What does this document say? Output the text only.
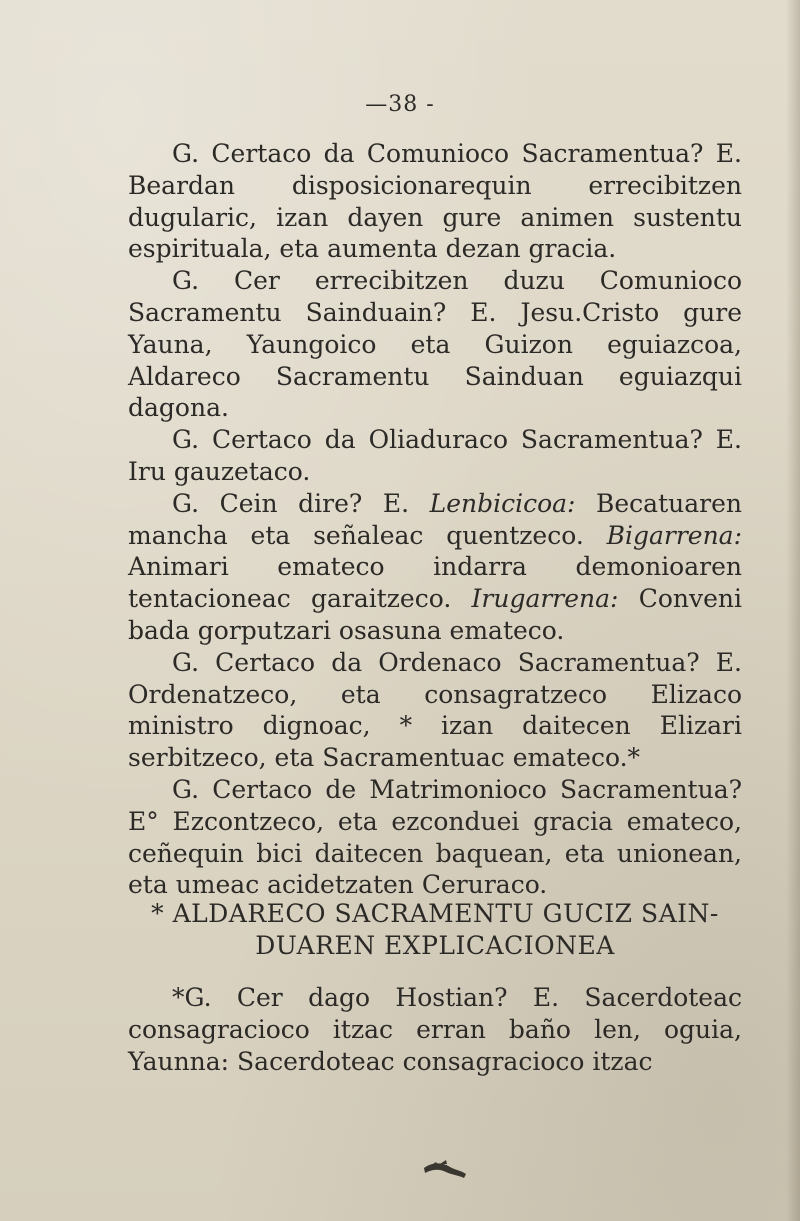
—38 -

G. Certaco da Comunioco Sacramentua? E. Beardan disposicionarequin errecibitzen dugularic, izan dayen gure animen sustentu espirituala, eta aumenta dezan gracia.

G. Cer errecibitzen duzu Comunioco Sacramentu Sainduain? E. Jesu.Cristo gure Yauna, Yaungoico eta Guizon eguiazcoa, Aldareco Sacramentu Sainduan eguiazqui dagona.

G. Certaco da Oliaduraco Sacramentua? E. Iru gauzetaco.

G. Cein dire? E. Lenbicicoa: Becatuaren mancha eta señaleac quentzeco. Bigarrena: Animari emateco indarra demonioaren tentacioneac garaitzeco. Irugarrena: Conveni bada gorputzari osasuna emateco.

G. Certaco da Ordenaco Sacramentua? E. Ordenatzeco, eta consagratzeco Elizaco ministro dignoac, * izan daitecen Elizari serbitzeco, eta Sacramentuac emateco.*

G. Certaco de Matrimonioco Sacramentua? E° Ezcontzeco, eta ezconduei gracia emateco, ceñequin bici daitecen baquean, eta unionean, eta umeac acidetzaten Ceruraco.

* ALDARECO SACRAMENTU GUCIZ SAIN-
DUAREN EXPLICACIONEA

*G. Cer dago Hostian? E. Sacerdoteac consagracioco itzac erran baño len, oguia, Yaunna: Sacerdoteac consagracioco itzac
